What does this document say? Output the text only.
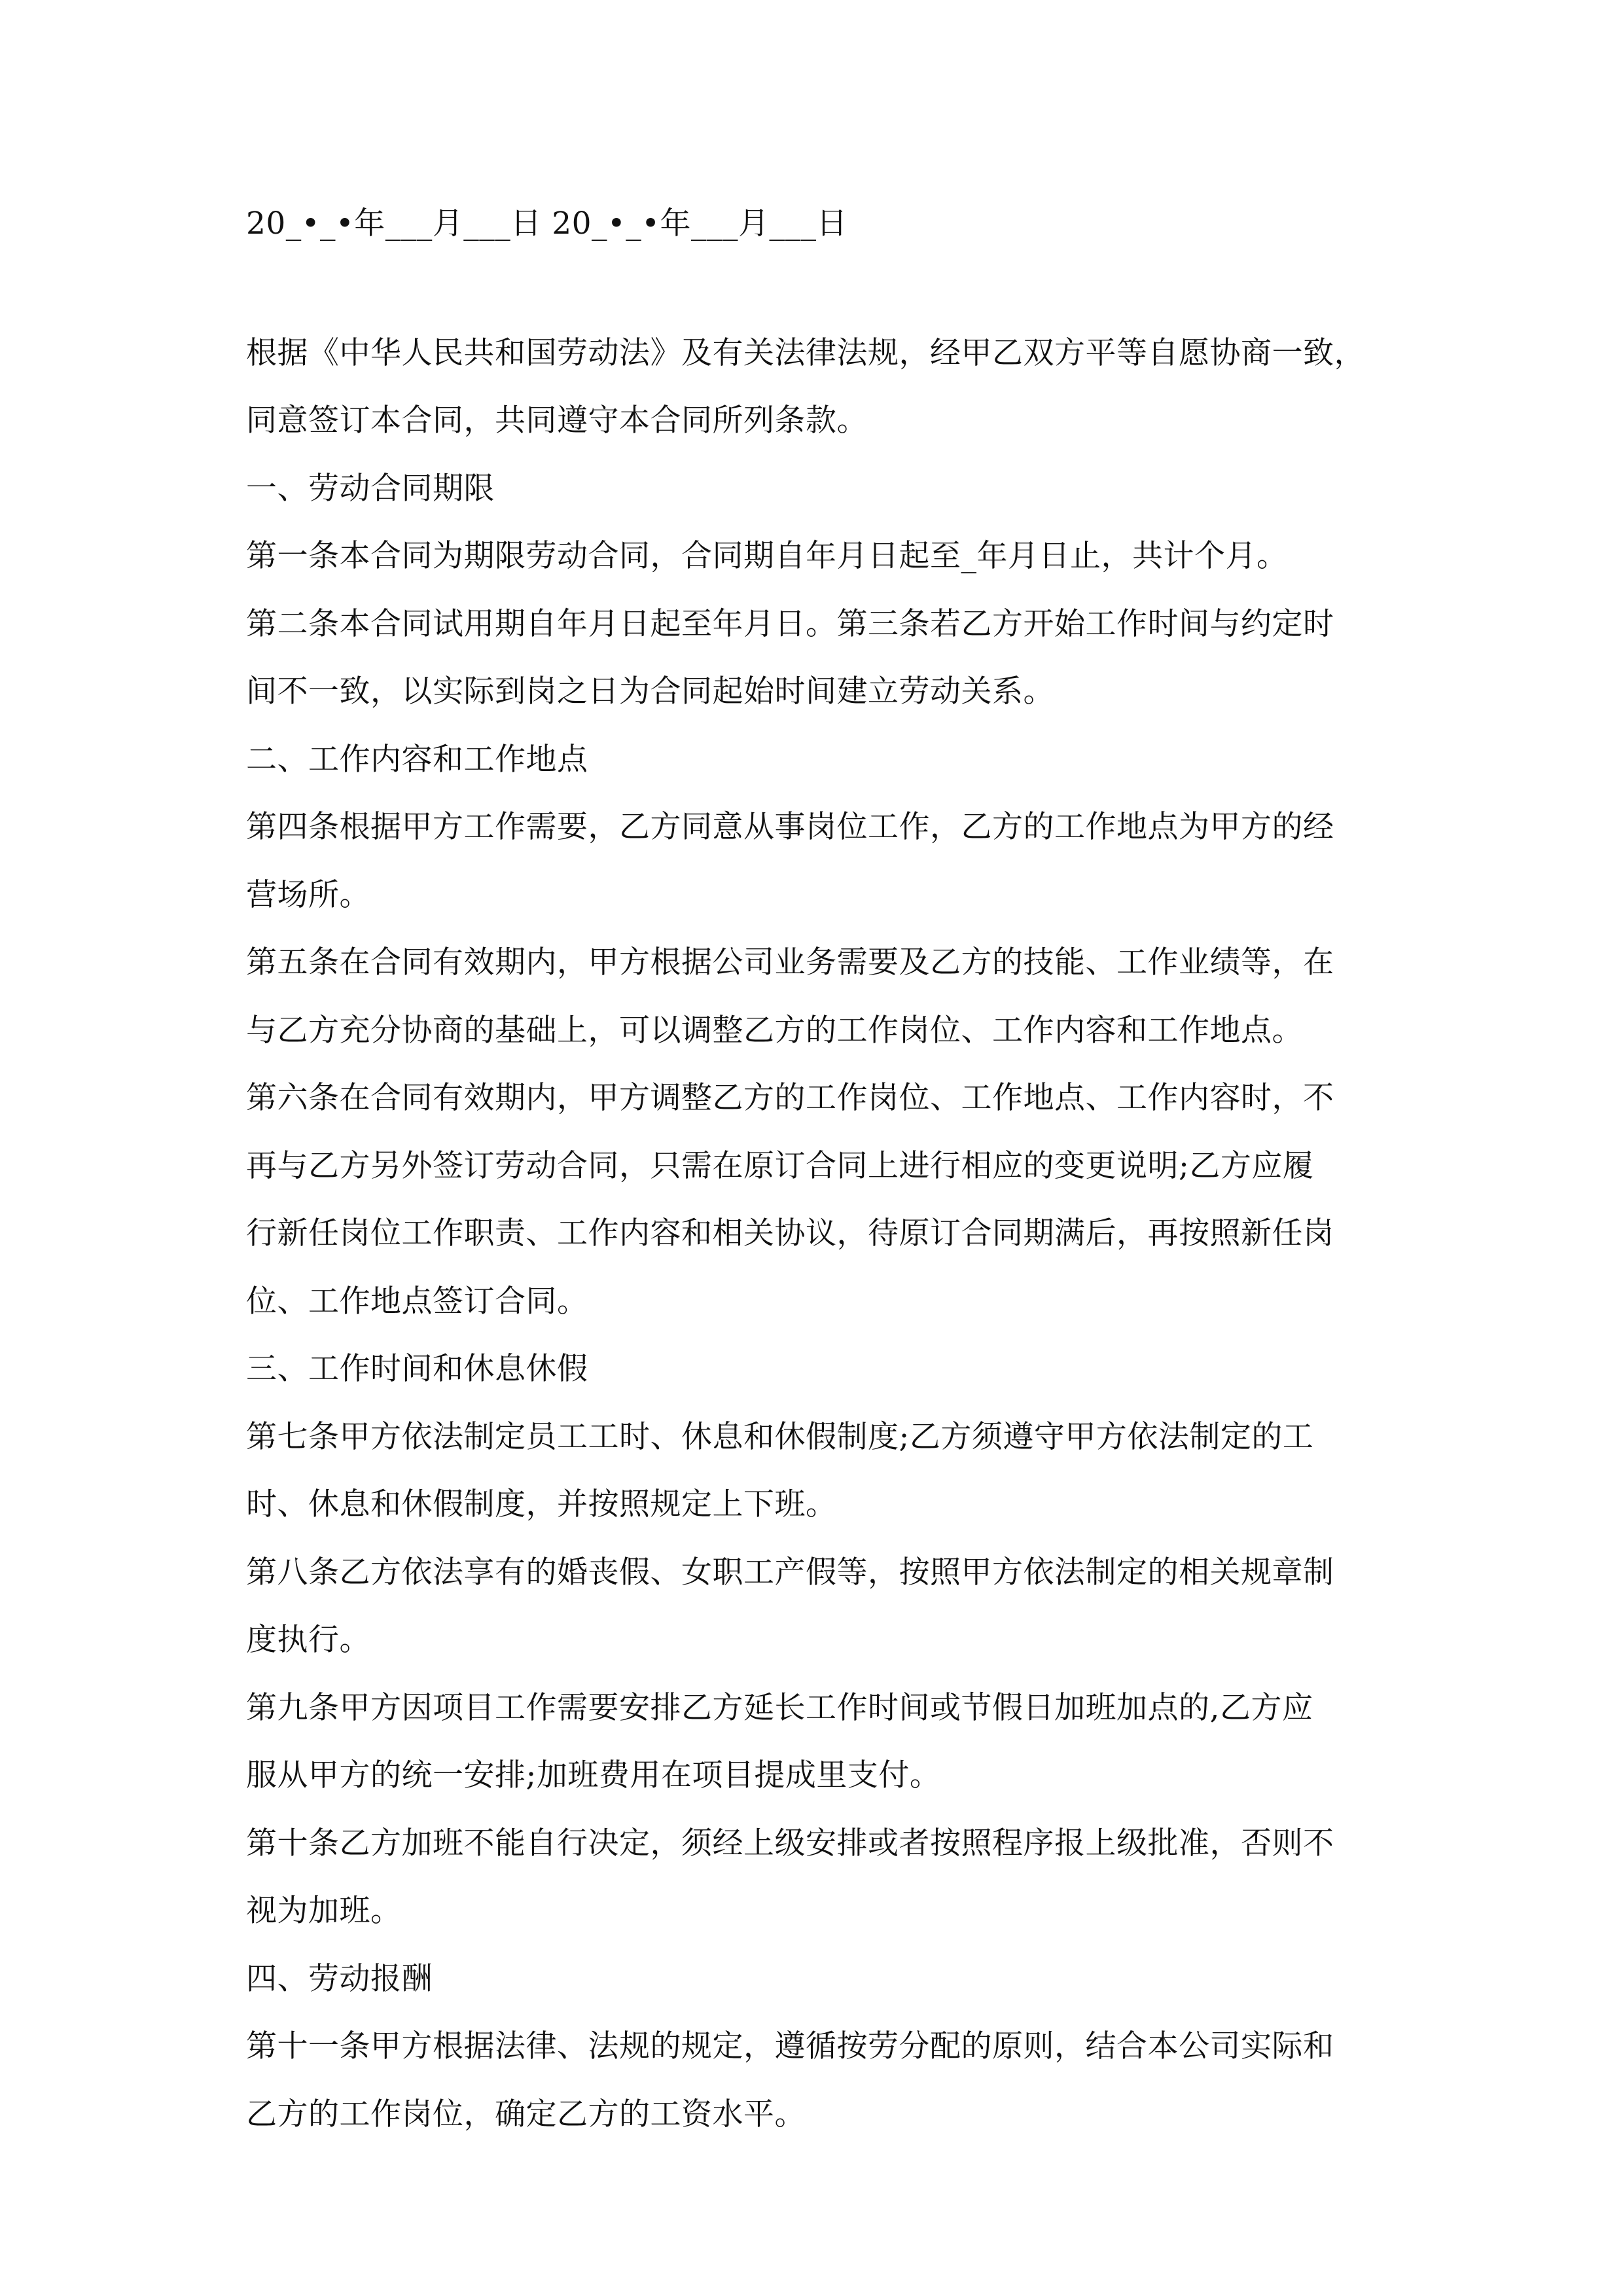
20_•_•年___月___日 20_•_•年___月___日
根据《中华人民共和国劳动法》及有关法律法规，经甲乙双方平等自愿协商一致，
同意签订本合同，共同遵守本合同所列条款。
一、劳动合同期限
第一条本合同为期限劳动合同，合同期自年月日起至_年月日止，共计个月。
第二条本合同试用期自年月日起至年月日。第三条若乙方开始工作时间与约定时
间不一致，以实际到岗之日为合同起始时间建立劳动关系。
二、工作内容和工作地点
第四条根据甲方工作需要，乙方同意从事岗位工作，乙方的工作地点为甲方的经
营场所。
第五条在合同有效期内，甲方根据公司业务需要及乙方的技能、工作业绩等，在
与乙方充分协商的基础上，可以调整乙方的工作岗位、工作内容和工作地点。
第六条在合同有效期内，甲方调整乙方的工作岗位、工作地点、工作内容时，不
再与乙方另外签订劳动合同，只需在原订合同上进行相应的变更说明;乙方应履
行新任岗位工作职责、工作内容和相关协议，待原订合同期满后，再按照新任岗
位、工作地点签订合同。
三、工作时间和休息休假
第七条甲方依法制定员工工时、休息和休假制度;乙方须遵守甲方依法制定的工
时、休息和休假制度，并按照规定上下班。
第八条乙方依法享有的婚丧假、女职工产假等，按照甲方依法制定的相关规章制
度执行。
第九条甲方因项目工作需要安排乙方延长工作时间或节假日加班加点的,乙方应
服从甲方的统一安排;加班费用在项目提成里支付。
第十条乙方加班不能自行决定，须经上级安排或者按照程序报上级批准，否则不
视为加班。
四、劳动报酬
第十一条甲方根据法律、法规的规定，遵循按劳分配的原则，结合本公司实际和
乙方的工作岗位，确定乙方的工资水平。
